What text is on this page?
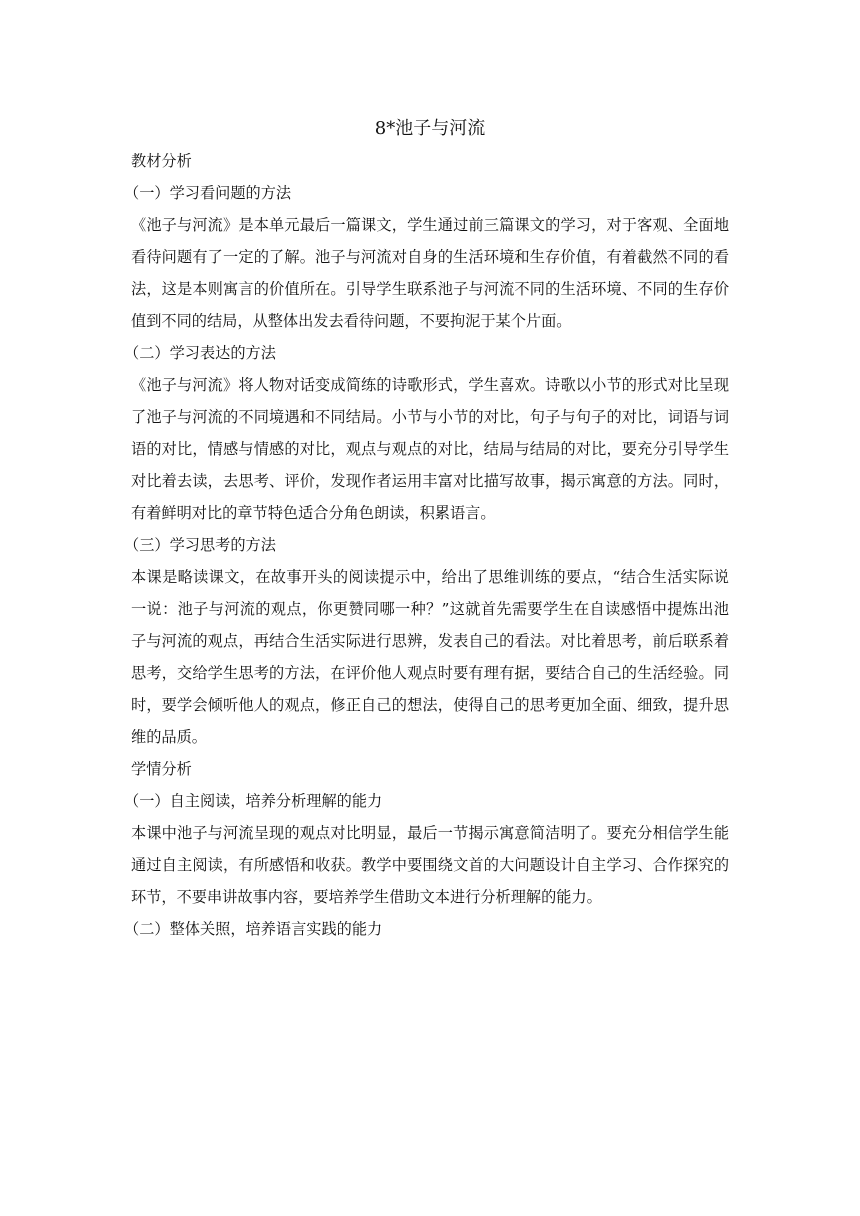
8*池子与河流

教材分析

（一）学习看问题的方法

《池子与河流》是本单元最后一篇课文，学生通过前三篇课文的学习，对于客观、全面地看待问题有了一定的了解。池子与河流对自身的生活环境和生存价值，有着截然不同的看法，这是本则寓言的价值所在。引导学生联系池子与河流不同的生活环境、不同的生存价值到不同的结局，从整体出发去看待问题，不要拘泥于某个片面。

（二）学习表达的方法

《池子与河流》将人物对话变成简练的诗歌形式，学生喜欢。诗歌以小节的形式对比呈现了池子与河流的不同境遇和不同结局。小节与小节的对比，句子与句子的对比，词语与词语的对比，情感与情感的对比，观点与观点的对比，结局与结局的对比，要充分引导学生对比着去读，去思考、评价，发现作者运用丰富对比描写故事，揭示寓意的方法。同时，有着鲜明对比的章节特色适合分角色朗读，积累语言。

（三）学习思考的方法

本课是略读课文，在故事开头的阅读提示中，给出了思维训练的要点，“结合生活实际说一说：池子与河流的观点，你更赞同哪一种？”这就首先需要学生在自读感悟中提炼出池子与河流的观点，再结合生活实际进行思辨，发表自己的看法。对比着思考，前后联系着思考，交给学生思考的方法，在评价他人观点时要有理有据，要结合自己的生活经验。同时，要学会倾听他人的观点，修正自己的想法，使得自己的思考更加全面、细致，提升思维的品质。

学情分析

（一）自主阅读，培养分析理解的能力

本课中池子与河流呈现的观点对比明显，最后一节揭示寓意简洁明了。要充分相信学生能通过自主阅读，有所感悟和收获。教学中要围绕文首的大问题设计自主学习、合作探究的环节，不要串讲故事内容，要培养学生借助文本进行分析理解的能力。

（二）整体关照，培养语言实践的能力
